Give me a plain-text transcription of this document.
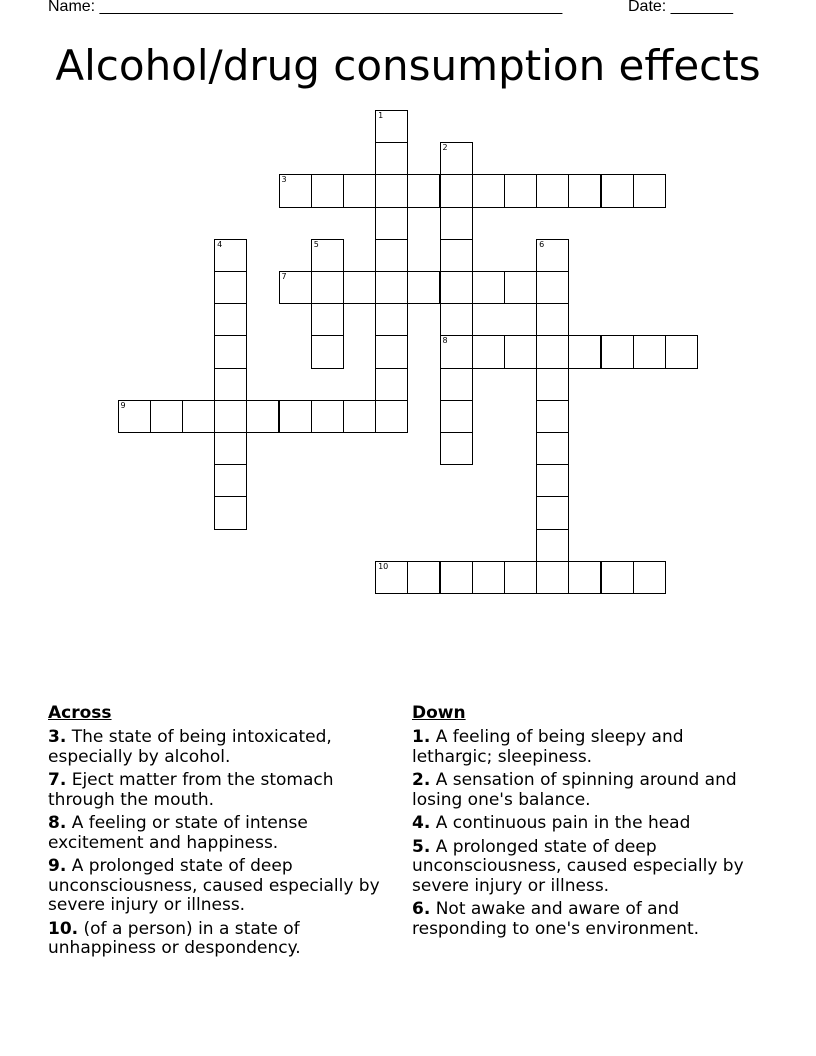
Name: ____________________________________________________	Date: _______
Alcohol/drug consumption effects
1
2
8
3
4	5	6
7
9
10
Across
3. The state of being intoxicated, especially by alcohol.
7. Eject matter from the stomach through the mouth.
8. A feeling or state of intense excitement and happiness.
9. A prolonged state of deep unconsciousness, caused especially by severe injury or illness.
10. (of a person) in a state of unhappiness or despondency.
Down
1. A feeling of being sleepy and lethargic; sleepiness.
2. A sensation of spinning around and losing one's balance.
4. A continuous pain in the head
5. A prolonged state of deep unconsciousness, caused especially by severe injury or illness.
6. Not awake and aware of and responding to one's environment.
